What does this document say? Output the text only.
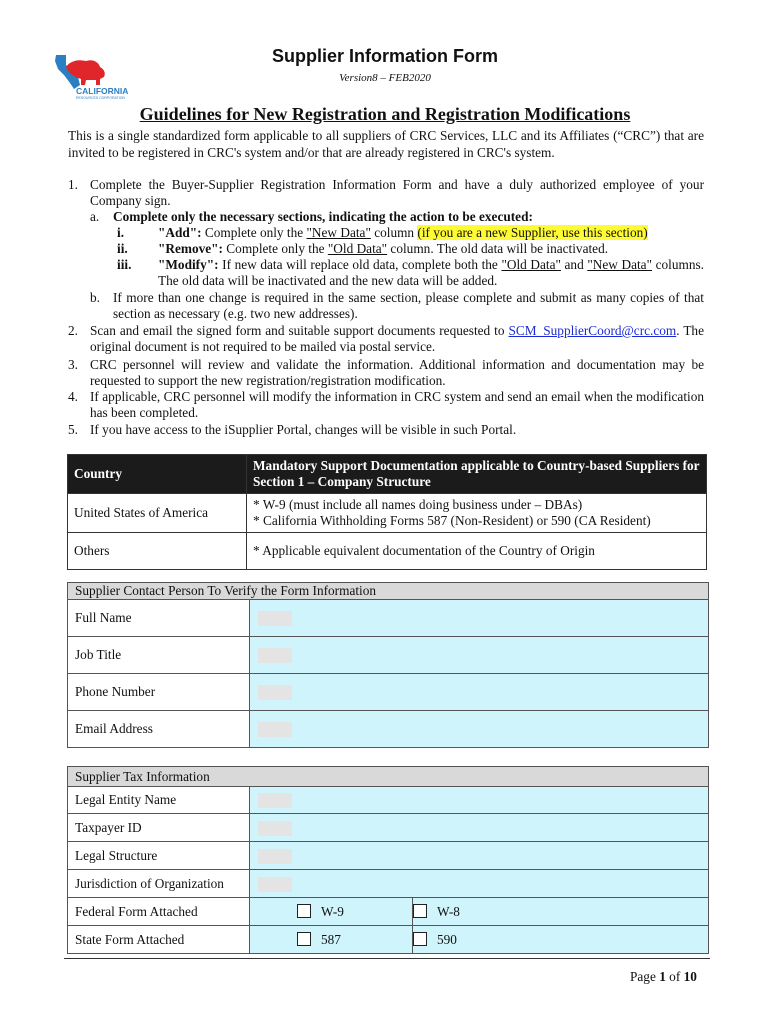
CALIFORNIA
RESOURCES CORPORATION
Supplier Information Form
Version8 – FEB2020
Guidelines for New Registration and Registration Modifications
This is a single standardized form applicable to all suppliers of CRC Services, LLC and its Affiliates (“CRC”) that are invited to be registered in CRC's system and/or that are already registered in CRC's system.
1. Complete the Buyer-Supplier Registration Information Form and have a duly authorized employee of your Company sign.
a. Complete only the necessary sections, indicating the action to be executed:
i.	"Add": Complete only the "New Data" column (if you are a new Supplier, use this section)
ii. "Remove": Complete only the "Old Data" column. The old data will be inactivated.
iii. "Modify": If new data will replace old data, complete both the "Old Data" and "New Data" columns. The old data will be inactivated and the new data will be added.
b. If more than one change is required in the same section, please complete and submit as many copies of that section as necessary (e.g. two new addresses).
2. Scan and email the signed form and suitable support documents requested to SCM_SupplierCoord@crc.com. The original document is not required to be mailed via postal service.
3. CRC personnel will review and validate the information. Additional information and documentation may be requested to support the new registration/registration modification.
4. If applicable, CRC personnel will modify the information in CRC system and send an email when the modification has been completed.
5. If you have access to the iSupplier Portal, changes will be visible in such Portal.
Country	Mandatory Support Documentation applicable to Country-based Suppliers for Section 1 – Company Structure
United States of America	* W-9 (must include all names doing business under – DBAs)
* California Withholding Forms 587 (Non-Resident) or 590 (CA Resident)

Others	* Applicable equivalent documentation of the Country of Origin
Supplier Contact Person To Verify the Form Information	
Full Name	
Job Title	
Phone Number	
Email Address	
Supplier Tax Information		
Legal Entity Name		
Taxpayer ID		
Legal Structure		
Jurisdiction of Organization		
Federal Form Attached	W-9	W-8
State Form Attached	587	590
Page 1 of 10
